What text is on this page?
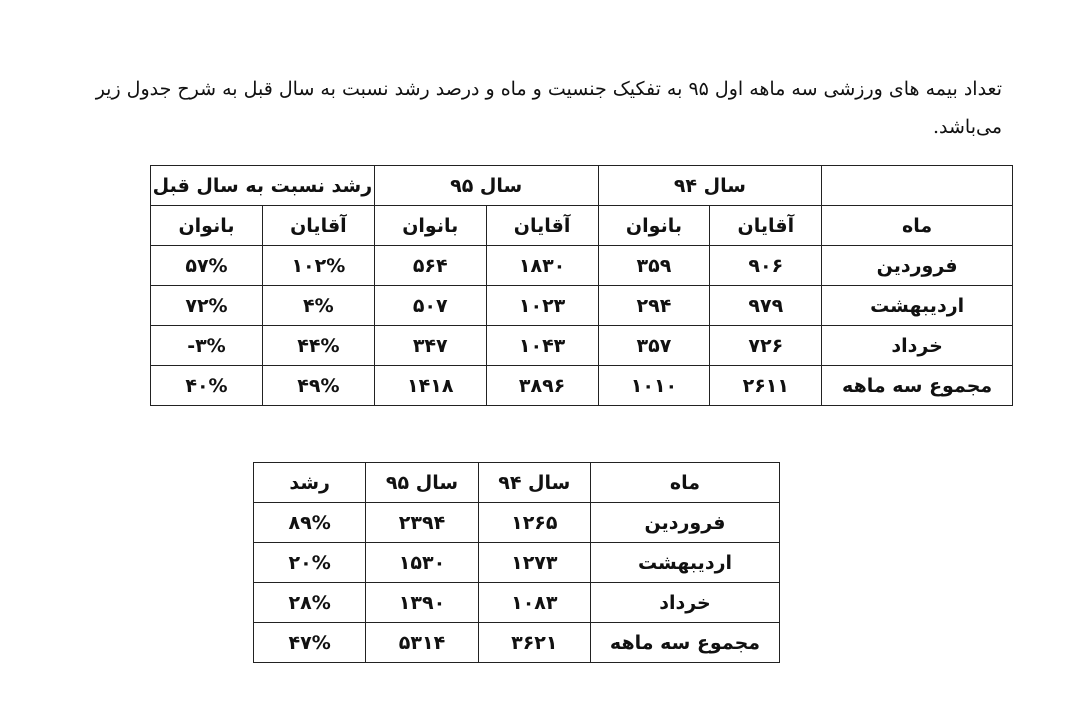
تعداد بیمه های ورزشی سه ماهه اول ۹۵ به تفکیک جنسیت و ماه و درصد رشد نسبت به سال قبل به شرح جدول زیر
می‌باشد.
	سال ۹۴		سال ۹۵		رشد نسبت به سال قبل	
ماه	آقایان	بانوان	آقایان	بانوان	آقایان	بانوان
فروردین	۹۰۶	۳۵۹	۱۸۳۰	۵۶۴	۱۰۲%	۵۷%
اردیبهشت	۹۷۹	۲۹۴	۱۰۲۳	۵۰۷	۴%	۷۲%
خرداد	۷۲۶	۳۵۷	۱۰۴۳	۳۴۷	۴۴%	-۳%
مجموع سه ماهه	۲۶۱۱	۱۰۱۰	۳۸۹۶	۱۴۱۸	۴۹%	۴۰%
ماه	سال ۹۴	سال ۹۵	رشد
فروردین	۱۲۶۵	۲۳۹۴	۸۹%
اردیبهشت	۱۲۷۳	۱۵۳۰	۲۰%
خرداد	۱۰۸۳	۱۳۹۰	۲۸%
مجموع سه ماهه	۳۶۲۱	۵۳۱۴	۴۷%
